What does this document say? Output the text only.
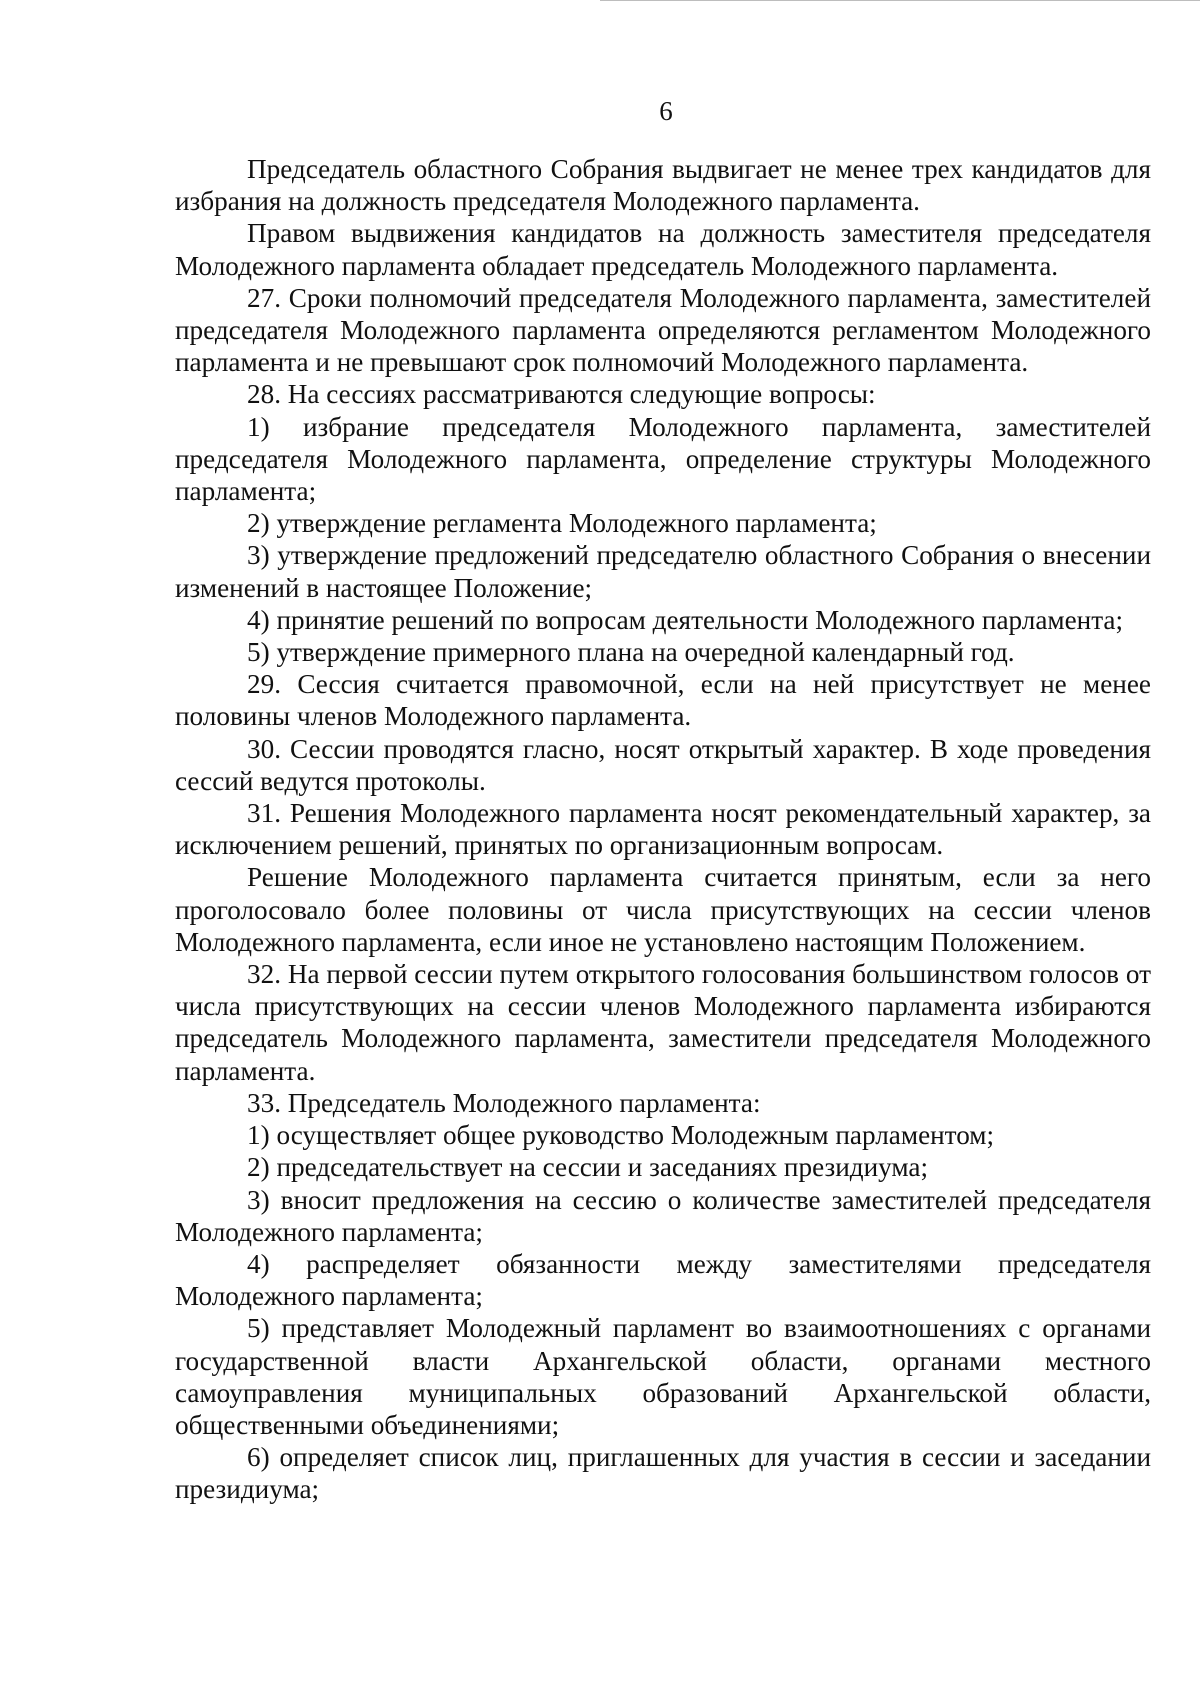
6

Председатель областного Собрания выдвигает не менее трех кандидатов для избрания на должность председателя Молодежного парламента.

Правом выдвижения кандидатов на должность заместителя председателя Молодежного парламента обладает председатель Молодежного парламента.

27. Сроки полномочий председателя Молодежного парламента, заместителей председателя Молодежного парламента определяются регламентом Молодежного парламента и не превышают срок полномочий Молодежного парламента.

28. На сессиях рассматриваются следующие вопросы:

1) избрание председателя Молодежного парламента, заместителей председателя Молодежного парламента, определение структуры Молодежного парламента;

2) утверждение регламента Молодежного парламента;

3) утверждение предложений председателю областного Собрания о внесении изменений в настоящее Положение;

4) принятие решений по вопросам деятельности Молодежного парламента;

5) утверждение примерного плана на очередной календарный год.

29. Сессия считается правомочной, если на ней присутствует не менее половины членов Молодежного парламента.

30. Сессии проводятся гласно, носят открытый характер. В ходе проведения сессий ведутся протоколы.

31. Решения Молодежного парламента носят рекомендательный характер, за исключением решений, принятых по организационным вопросам.

Решение Молодежного парламента считается принятым, если за него проголосовало более половины от числа присутствующих на сессии членов Молодежного парламента, если иное не установлено настоящим Положением.

32. На первой сессии путем открытого голосования большинством голосов от числа присутствующих на сессии членов Молодежного парламента избираются председатель Молодежного парламента, заместители председателя Молодежного парламента.

33. Председатель Молодежного парламента:

1) осуществляет общее руководство Молодежным парламентом;

2) председательствует на сессии и заседаниях президиума;

3) вносит предложения на сессию о количестве заместителей председателя Молодежного парламента;

4) распределяет обязанности между заместителями председателя Молодежного парламента;

5) представляет Молодежный парламент во взаимоотношениях с органами государственной власти Архангельской области, органами местного самоуправления муниципальных образований Архангельской области, общественными объединениями;

6) определяет список лиц, приглашенных для участия в сессии и заседании президиума;
